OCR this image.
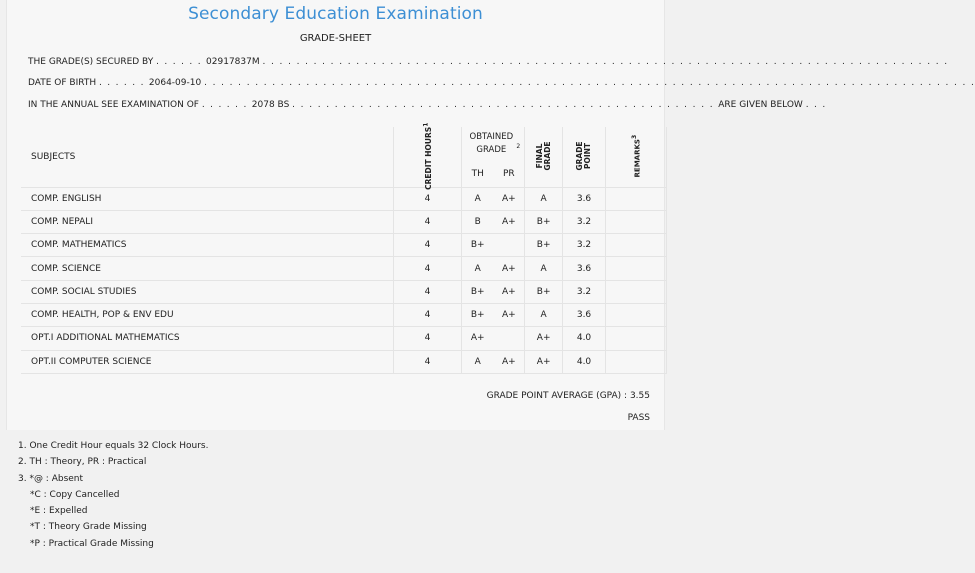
Secondary Education Examination
GRADE-SHEET
THE GRADE(S) SECURED BY . . . . . . 02917837M . . . . . . . . . . . . . . . . . . . . . . . . . . . . . . . . . . . . . . . . . . . . . . . . . . . . . . . . . . . . . . . . . . . . . . . . . . . . . . . . .
DATE OF BIRTH . . . . . . 2064-09-10 . . . . . . . . . . . . . . . . . . . . . . . . . . . . . . . . . . . . . . . . . . . . . . . . . . . . . . . . . . . . . . . . . . . . . . . . . . . . . . . . . . . . . . . . . . .
IN THE ANNUAL SEE EXAMINATION OF . . . . . . 2078 BS . . . . . . . . . . . . . . . . . . . . . . . . . . . . . . . . . . . . . . . . . . . . . . . . . . ARE GIVEN BELOW . . .
SUBJECTS	CREDIT HOURS$^1$	OBTAINED GRADE $^2$		FINAL GRADE	GRADE POINT	REMARKS$^3$
		TH	PR			
COMP. ENGLISH	4	A	A+	A	3.6	
COMP. NEPALI	4	B	A+	B+	3.2	
COMP. MATHEMATICS	4	B+		B+	3.2	
COMP. SCIENCE	4	A	A+	A	3.6	
COMP. SOCIAL STUDIES	4	B+	A+	B+	3.2	
COMP. HEALTH, POP & ENV EDU	4	B+	A+	A	3.6	
OPT.I ADDITIONAL MATHEMATICS	4	A+		A+	4.0	
OPT.II COMPUTER SCIENCE	4	A	A+	A+	4.0	
GRADE POINT AVERAGE (GPA) : 3.55
PASS
1. One Credit Hour equals 32 Clock Hours.
2. TH : Theory, PR : Practical
3. *@ : Absent
*C : Copy Cancelled
*E : Expelled
*T : Theory Grade Missing
*P : Practical Grade Missing
